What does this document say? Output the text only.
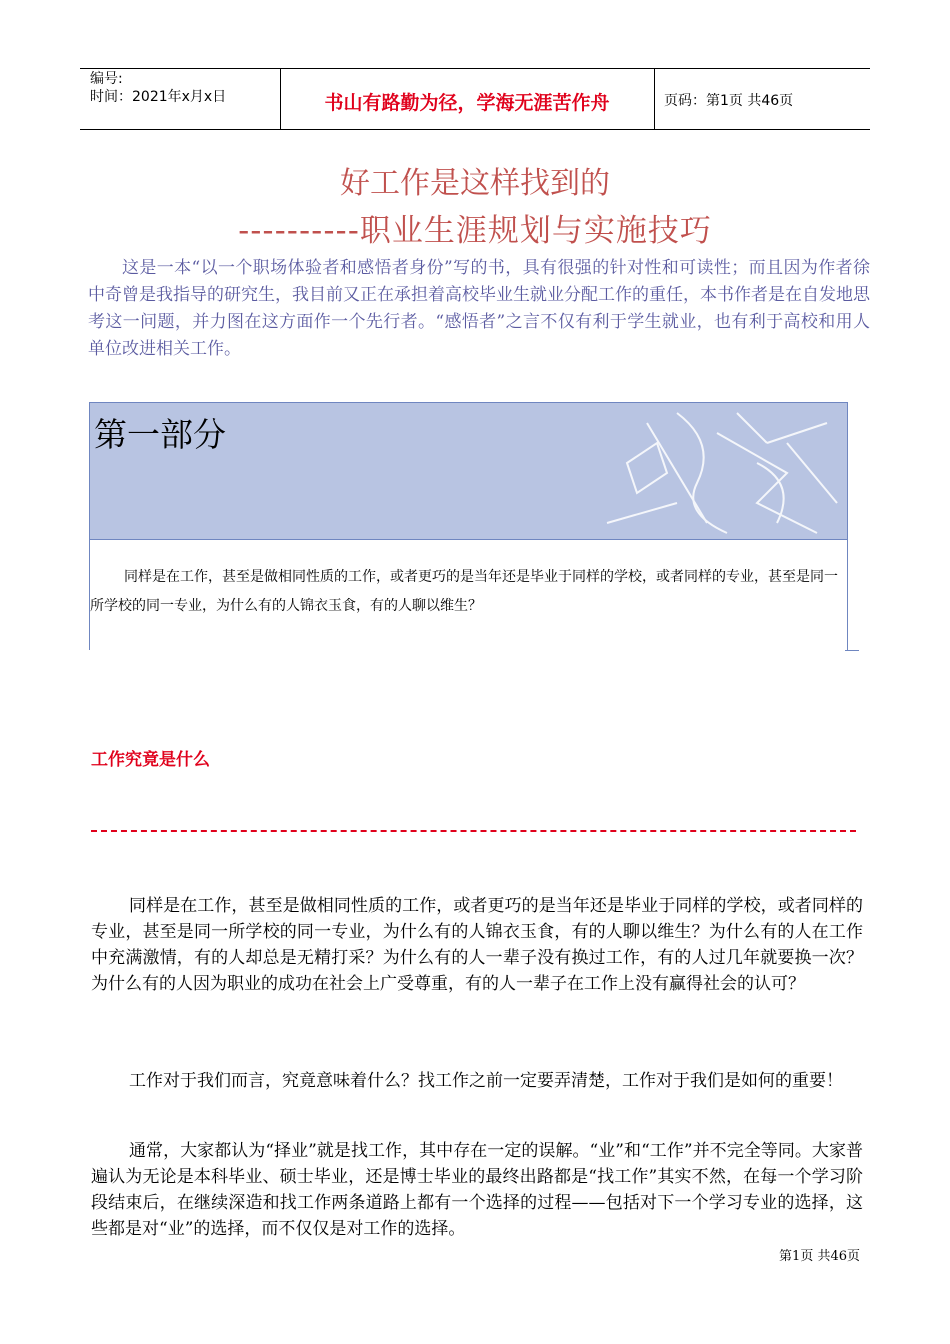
编号:
时间：2021年x月x日	书山有路勤为径，学海无涯苦作舟	页码：第1页 共46页
好工作是这样找到的
----------职业生涯规划与实施技巧

这是一本“以一个职场体验者和感悟者身份”写的书，具有很强的针对性和可读性；而且因为作者徐中奇曾是我指导的研究生，我目前又正在承担着高校毕业生就业分配工作的重任，本书作者是在自发地思考这一问题，并力图在这方面作一个先行者。“感悟者”之言不仅有利于学生就业，也有利于高校和用人单位改进相关工作。

第一部分

同样是在工作，甚至是做相同性质的工作，或者更巧的是当年还是毕业于同样的学校，或者同样的专业，甚至是同一所学校的同一专业，为什么有的人锦衣玉食，有的人聊以维生？

工作究竟是什么

同样是在工作，甚至是做相同性质的工作，或者更巧的是当年还是毕业于同样的学校，或者同样的专业，甚至是同一所学校的同一专业，为什么有的人锦衣玉食，有的人聊以维生？为什么有的人在工作中充满激情，有的人却总是无精打采？为什么有的人一辈子没有换过工作，有的人过几年就要换一次？为什么有的人因为职业的成功在社会上广受尊重，有的人一辈子在工作上没有赢得社会的认可？

工作对于我们而言，究竟意味着什么？找工作之前一定要弄清楚，工作对于我们是如何的重要！

通常，大家都认为“择业”就是找工作，其中存在一定的误解。“业”和“工作”并不完全等同。大家普遍认为无论是本科毕业、硕士毕业，还是博士毕业的最终出路都是“找工作”其实不然，在每一个学习阶段结束后，在继续深造和找工作两条道路上都有一个选择的过程——包括对下一个学习专业的选择，这些都是对“业”的选择，而不仅仅是对工作的选择。

第1页 共46页
